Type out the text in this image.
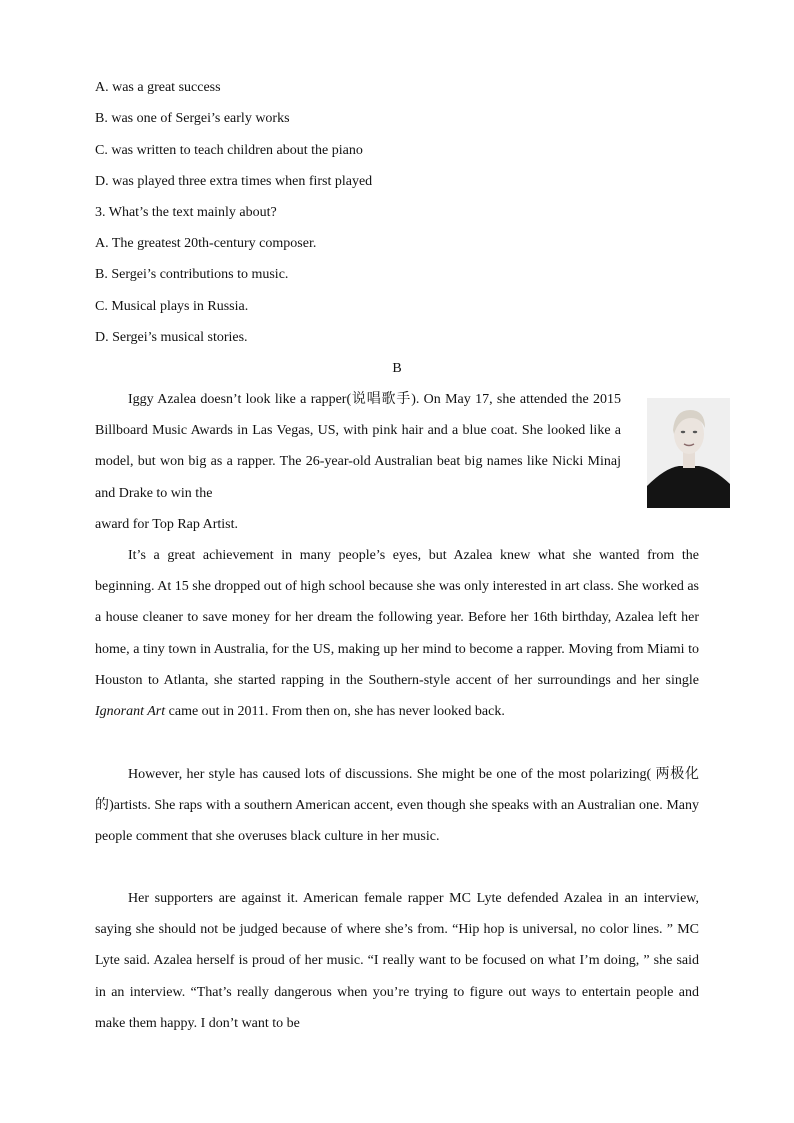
A. was a great success
B. was one of Sergei’s early works
C. was written to teach children about the piano
D. was played three extra times when first played
3. What’s the text mainly about?
A. The greatest 20th-century composer.
B. Sergei’s contributions to music.
C. Musical plays in Russia.
D. Sergei’s musical stories.
B

Iggy Azalea doesn’t look like a rapper(说唱歌手). On May 17, she attended the 2015 Billboard Music Awards in Las Vegas, US, with pink hair and a blue coat. She looked like a model, but won big as a rapper. The 26-year-old Australian beat big names like Nicki Minaj and Drake to win the

award for Top Rap Artist.

It’s a great achievement in many people’s eyes, but Azalea knew what she wanted from the beginning. At 15 she dropped out of high school because she was only interested in art class. She worked as a house cleaner to save money for her dream the following year. Before her 16th birthday, Azalea left her home, a tiny town in Australia, for the US, making up her mind to become a rapper. Moving from Miami to Houston to Atlanta, she started rapping in the Southern-style accent of her surroundings and her single Ignorant Art came out in 2011. From then on, she has never looked back.

However, her style has caused lots of discussions. She might be one of the most polarizing( 两极化的)artists. She raps with a southern American accent, even though she speaks with an Australian one. Many people comment that she overuses black culture in her music.

Her supporters are against it. American female rapper MC Lyte defended Azalea in an interview, saying she should not be judged because of where she’s from. “Hip hop is universal, no color lines. ” MC Lyte said. Azalea herself is proud of her music. “I really want to be focused on what I’m doing, ” she said in an interview. “That’s really dangerous when you’re trying to figure out ways to entertain people and make them happy. I don’t want to be
